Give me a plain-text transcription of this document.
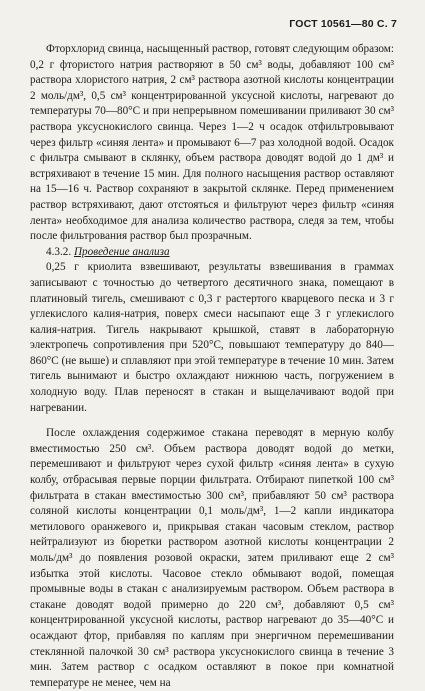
ГОСТ 10561—80 С. 7

Фторхлорид свинца, насыщенный раствор, готовят следующим образом: 0,2 г фтористого натрия растворяют в 50 см³ воды, добавляют 100 см³ раствора хлористого натрия, 2 см³ раствора азотной кислоты концентрации 2 моль/дм³, 0,5 см³ концентрированной уксусной кислоты, нагревают до температуры 70—80°С и при непрерывном помешивании приливают 30 см³ раствора уксуснокислого свинца. Через 1—2 ч осадок отфильтровывают через фильтр «синяя лента» и промывают 6—7 раз холодной водой. Осадок с фильтра смывают в склянку, объем раствора доводят водой до 1 дм³ и встряхивают в течение 15 мин. Для полного насыщения раствор оставляют на 15—16 ч. Раствор сохраняют в закрытой склянке. Перед применением раствор встряхивают, дают отстояться и фильтруют через фильтр «синяя лента» необходимое для анализа количество раствора, следя за тем, чтобы после фильтрования раствор был прозрачным.

4.3.2. Проведение анализа

0,25 г криолита взвешивают, результаты взвешивания в граммах записывают с точностью до четвертого десятичного знака, помещают в платиновый тигель, смешивают с 0,3 г растертого кварцевого песка и 3 г углекислого калия-натрия, поверх смеси насыпают еще 3 г углекислого калия-натрия. Тигель накрывают крышкой, ставят в лабораторную электропечь сопротивления при 520°С, повышают температуру до 840—860°С (не выше) и сплавляют при этой температуре в течение 10 мин. Затем тигель вынимают и быстро охлаждают нижнюю часть, погружением в холодную воду. Плав переносят в стакан и выщелачивают водой при нагревании.

После охлаждения содержимое стакана переводят в мерную колбу вместимостью 250 см³. Объем раствора доводят водой до метки, перемешивают и фильтруют через сухой фильтр «синяя лента» в сухую колбу, отбрасывая первые порции фильтрата. Отбирают пипеткой 100 см³ фильтрата в стакан вместимостью 300 см³, прибавляют 50 см³ раствора соляной кислоты концентрации 0,1 моль/дм³, 1—2 капли индикатора метилового оранжевого и, прикрывая стакан часовым стеклом, раствор нейтрализуют из бюретки раствором азотной кислоты концентрации 2 моль/дм³ до появления розовой окраски, затем приливают еще 2 см³ избытка этой кислоты. Часовое стекло обмывают водой, помещая промывные воды в стакан с анализируемым раствором. Объем раствора в стакане доводят водой примерно до 220 см³, добавляют 0,5 см³ концентрированной уксусной кислоты, раствор нагревают до 35—40°С и осаждают фтор, прибавляя по каплям при энергичном перемешивании стеклянной палочкой 30 см³ раствора уксуснокислого свинца в течение 3 мин. Затем раствор с осадком оставляют в покое при комнатной температуре не менее, чем на
